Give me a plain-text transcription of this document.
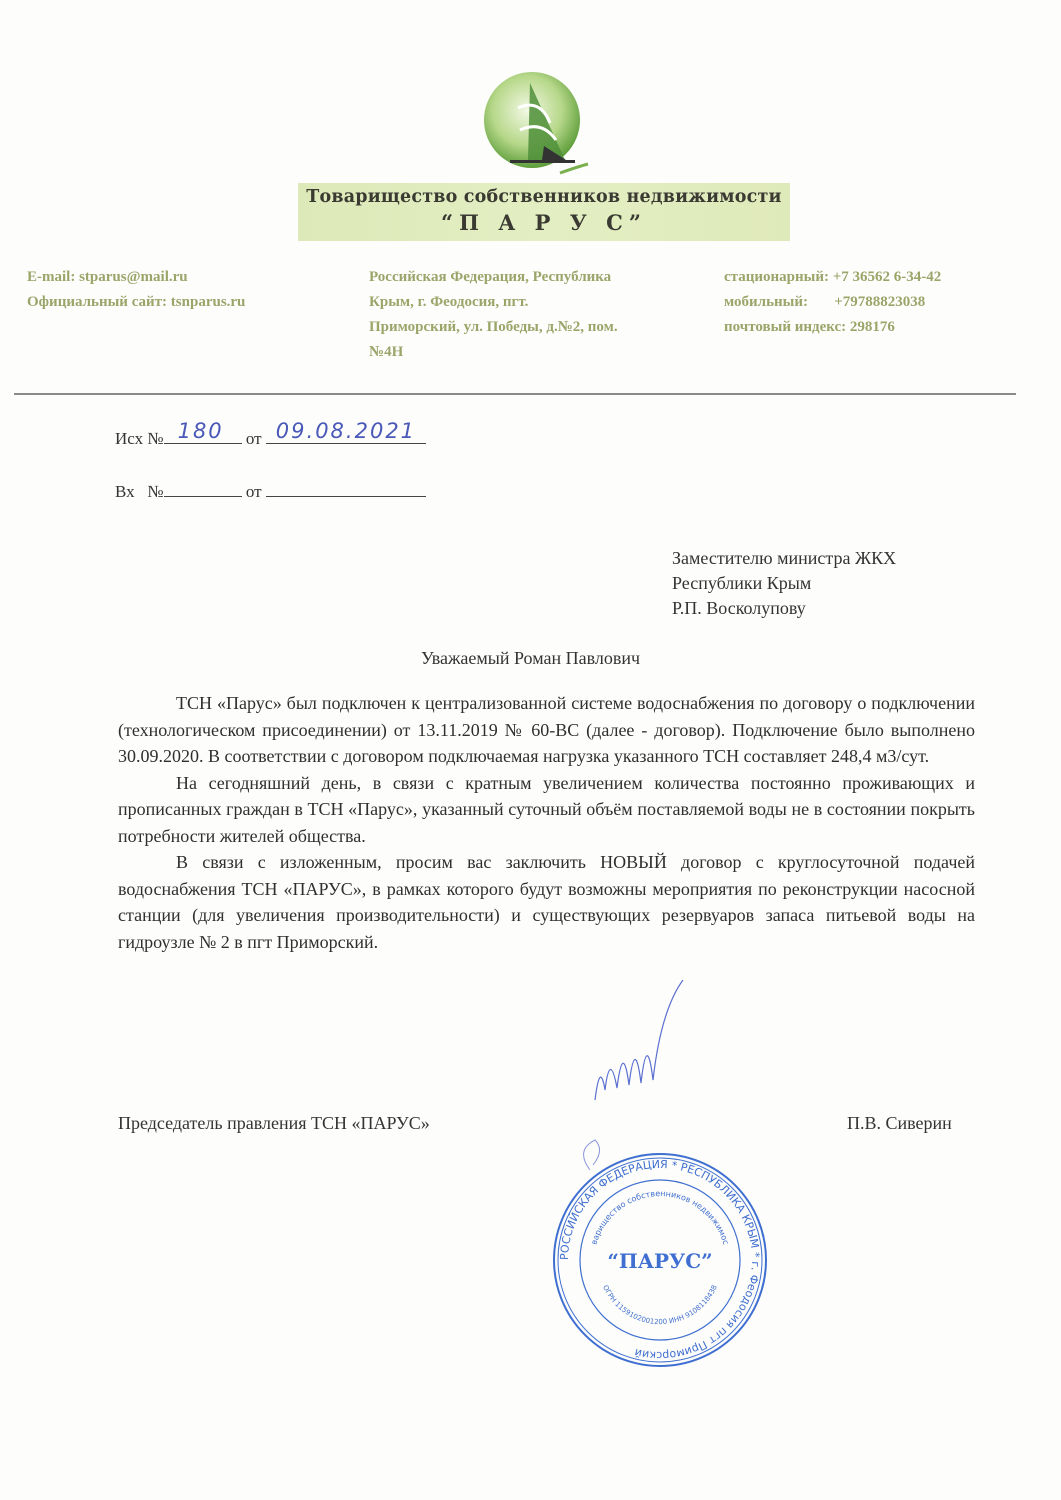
Товарищество собственников недвижимости
“П А Р У С”
E-mail: stparus@mail.ru
Официальный сайт: tsnparus.ru
Российская Федерация, Республика
Крым, г. Феодосия, пгт.
Приморский, ул. Победы, д.№2, пом.
№4Н
стационарный: +7 36562 6-34-42
мобильный:       +79788823038
почтовый индекс: 298176
Исх № 180 от 09.08.2021
Вх   №	от
Заместителю министра ЖКХ
Республики Крым
Р.П. Восколупову
Уважаемый Роман Павлович

ТСН «Парус» был подключен к централизованной системе водоснабжения по договору о подключении (технологическом присоединении) от 13.11.2019 № 60-ВС (далее - договор). Подключение было выполнено 30.09.2020. В соответствии с договором подключаемая нагрузка указанного ТСН составляет 248,4 м3/сут.

На сегодняшний день, в связи с кратным увеличением количества постоянно проживающих и прописанных граждан в ТСН «Парус», указанный суточный объём поставляемой воды не в состоянии покрыть потребности жителей общества.

В связи с изложенным, просим вас заключить НОВЫЙ договор с круглосуточной подачей водоснабжения ТСН «ПАРУС», в рамках которого будут возможны мероприятия по реконструкции насосной станции (для увеличения производительности) и существующих резервуаров запаса питьевой воды на гидроузле № 2 в пгт Приморский.

Председатель правления ТСН «ПАРУС»	П.В. Сиверин
РОССИЙСКАЯ ФЕДЕРАЦИЯ * РЕСПУБЛИКА КРЫМ * г. Феодосия пгт Приморский
варищество собственников недвижимос
ОГРН 1159102001200 ИНН 9108118438
“ПАРУС”
